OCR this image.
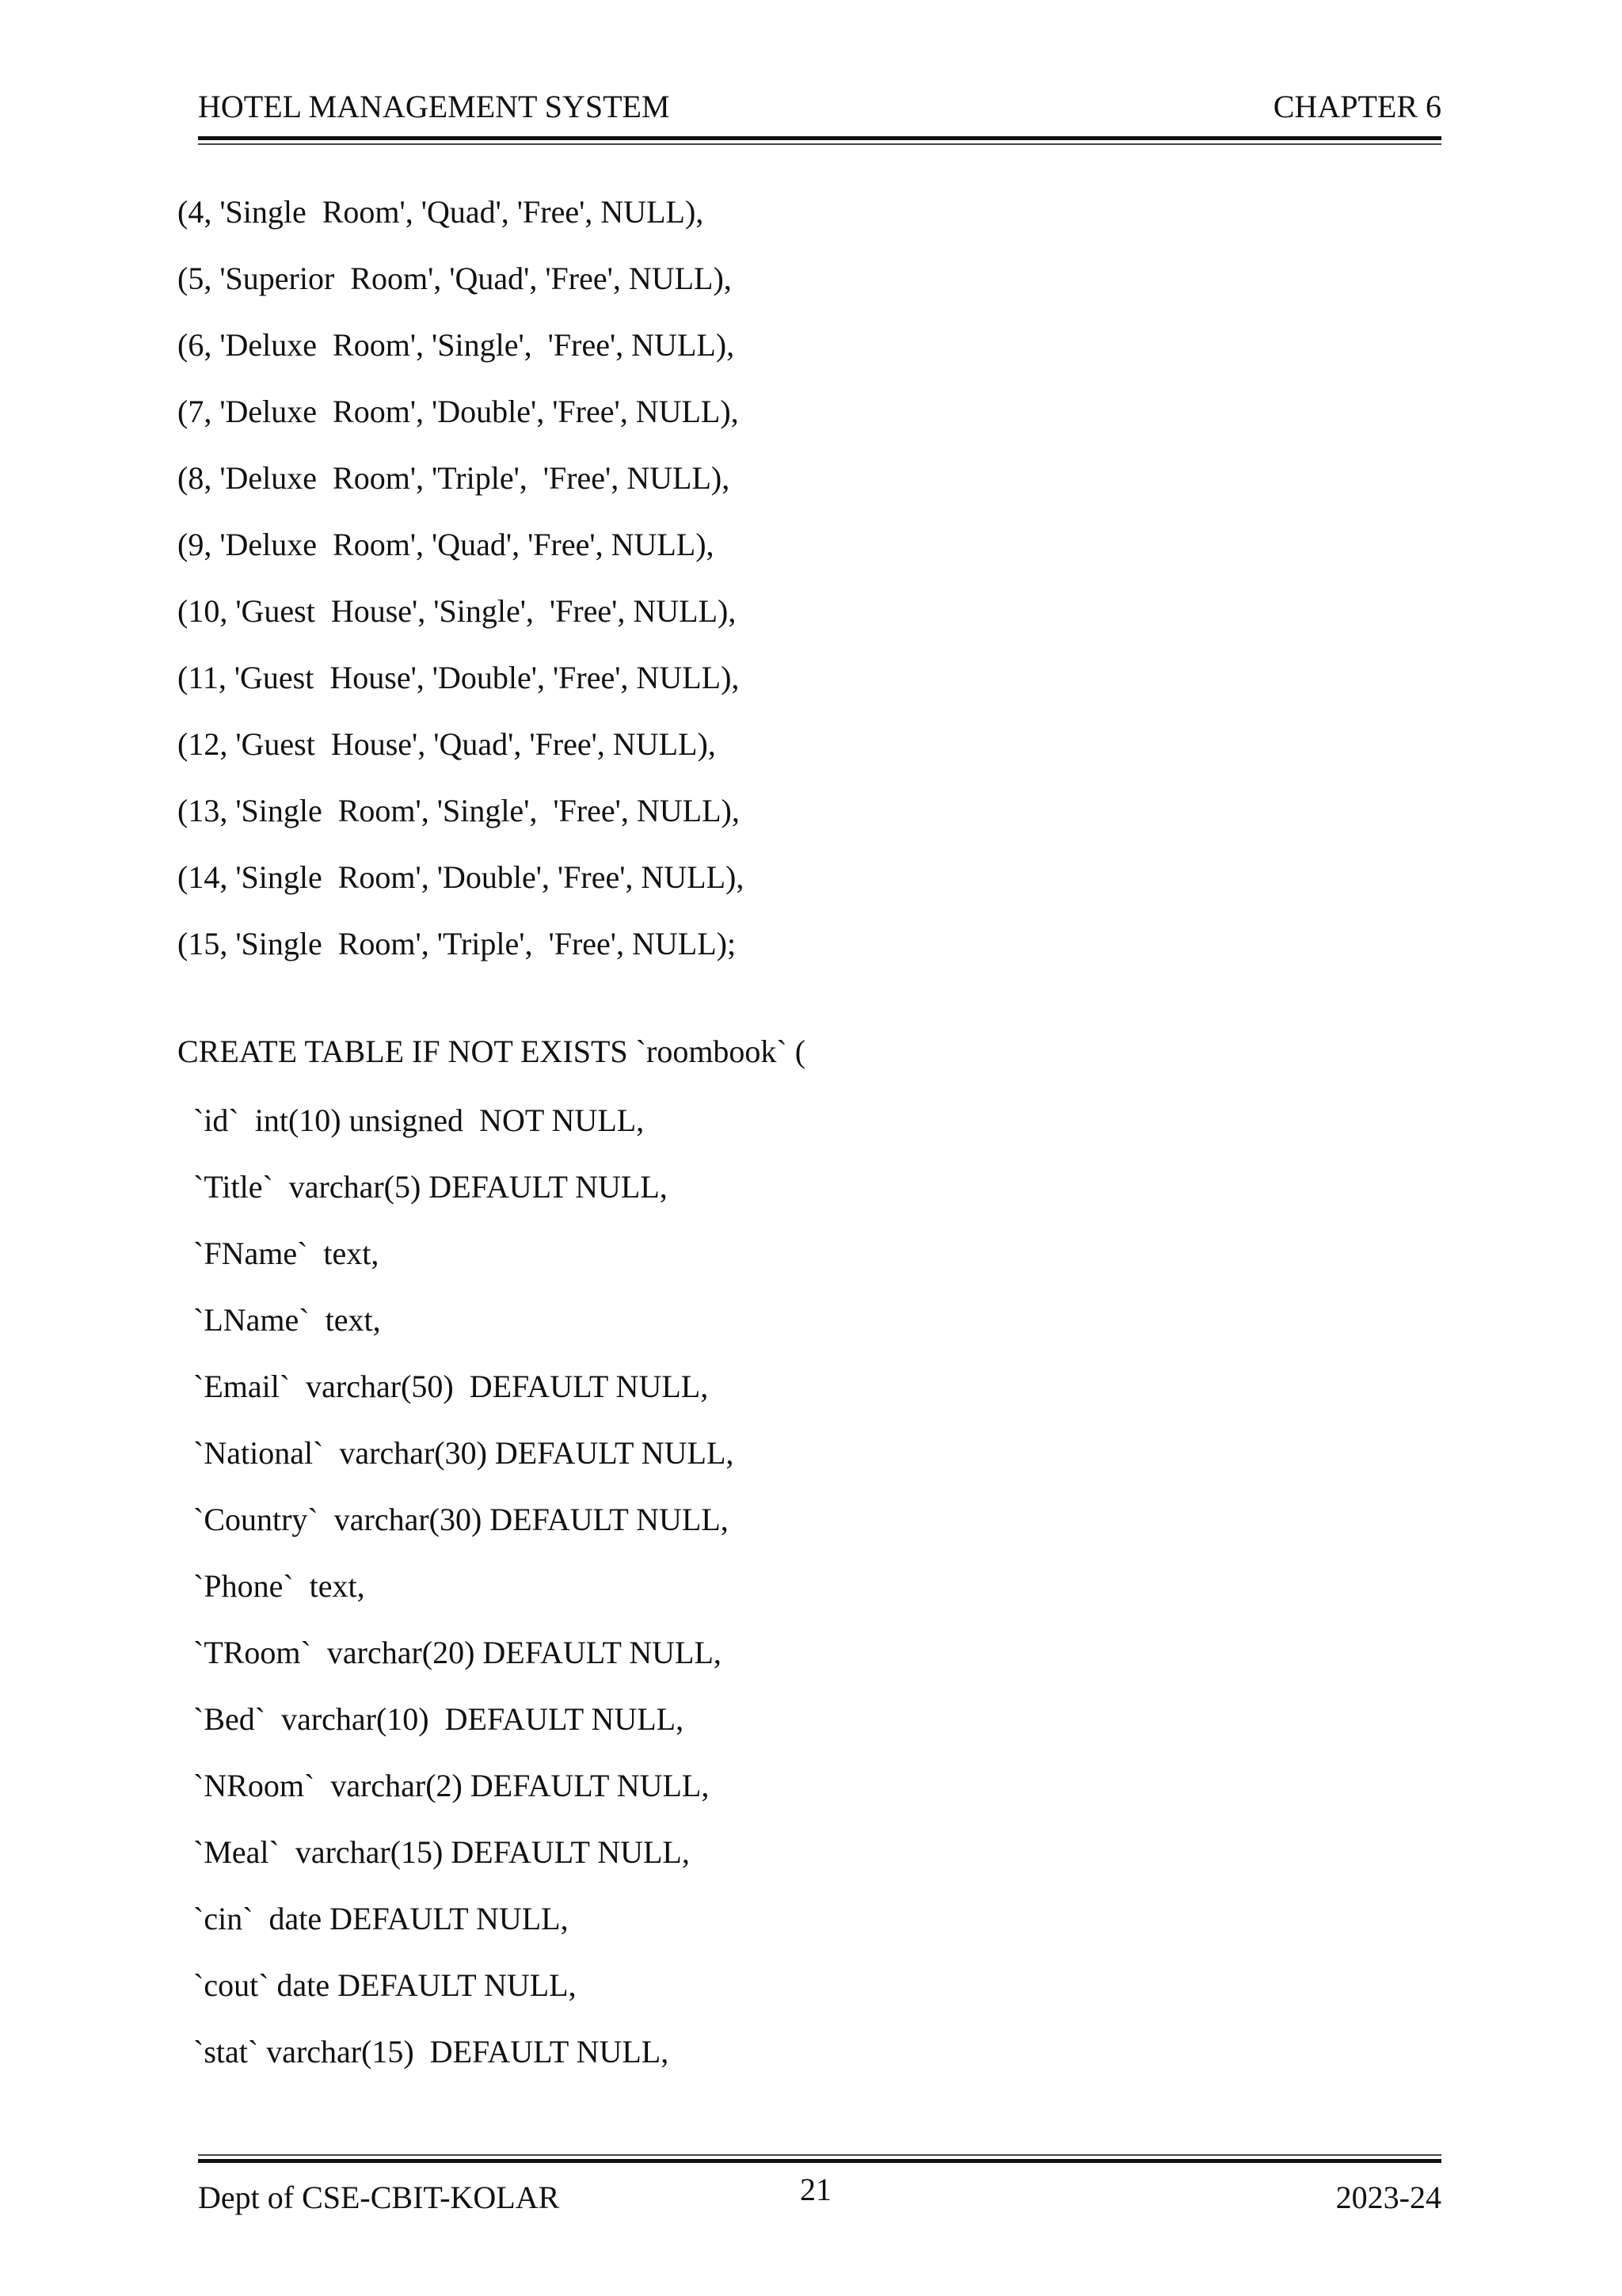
HOTEL MANAGEMENT SYSTEM	CHAPTER 6
(4, 'Single  Room', 'Quad', 'Free', NULL),
(5, 'Superior  Room', 'Quad', 'Free', NULL),
(6, 'Deluxe  Room', 'Single',  'Free', NULL),
(7, 'Deluxe  Room', 'Double', 'Free', NULL),
(8, 'Deluxe  Room', 'Triple',  'Free', NULL),
(9, 'Deluxe  Room', 'Quad', 'Free', NULL),
(10, 'Guest  House', 'Single',  'Free', NULL),
(11, 'Guest  House', 'Double', 'Free', NULL),
(12, 'Guest  House', 'Quad', 'Free', NULL),
(13, 'Single  Room', 'Single',  'Free', NULL),
(14, 'Single  Room', 'Double', 'Free', NULL),
(15, 'Single  Room', 'Triple',  'Free', NULL);
CREATE TABLE IF NOT EXISTS `roombook` (
`id`  int(10) unsigned  NOT NULL,
`Title`  varchar(5) DEFAULT NULL,
`FName`  text,
`LName`  text,
`Email`  varchar(50)  DEFAULT NULL,
`National`  varchar(30) DEFAULT NULL,
`Country`  varchar(30) DEFAULT NULL,
`Phone`  text,
`TRoom`  varchar(20) DEFAULT NULL,
`Bed`  varchar(10)  DEFAULT NULL,
`NRoom`  varchar(2) DEFAULT NULL,
`Meal`  varchar(15) DEFAULT NULL,
`cin`  date DEFAULT NULL,
`cout` date DEFAULT NULL,
`stat` varchar(15)  DEFAULT NULL,
Dept of CSE-CBIT-KOLAR	21	2023-24
